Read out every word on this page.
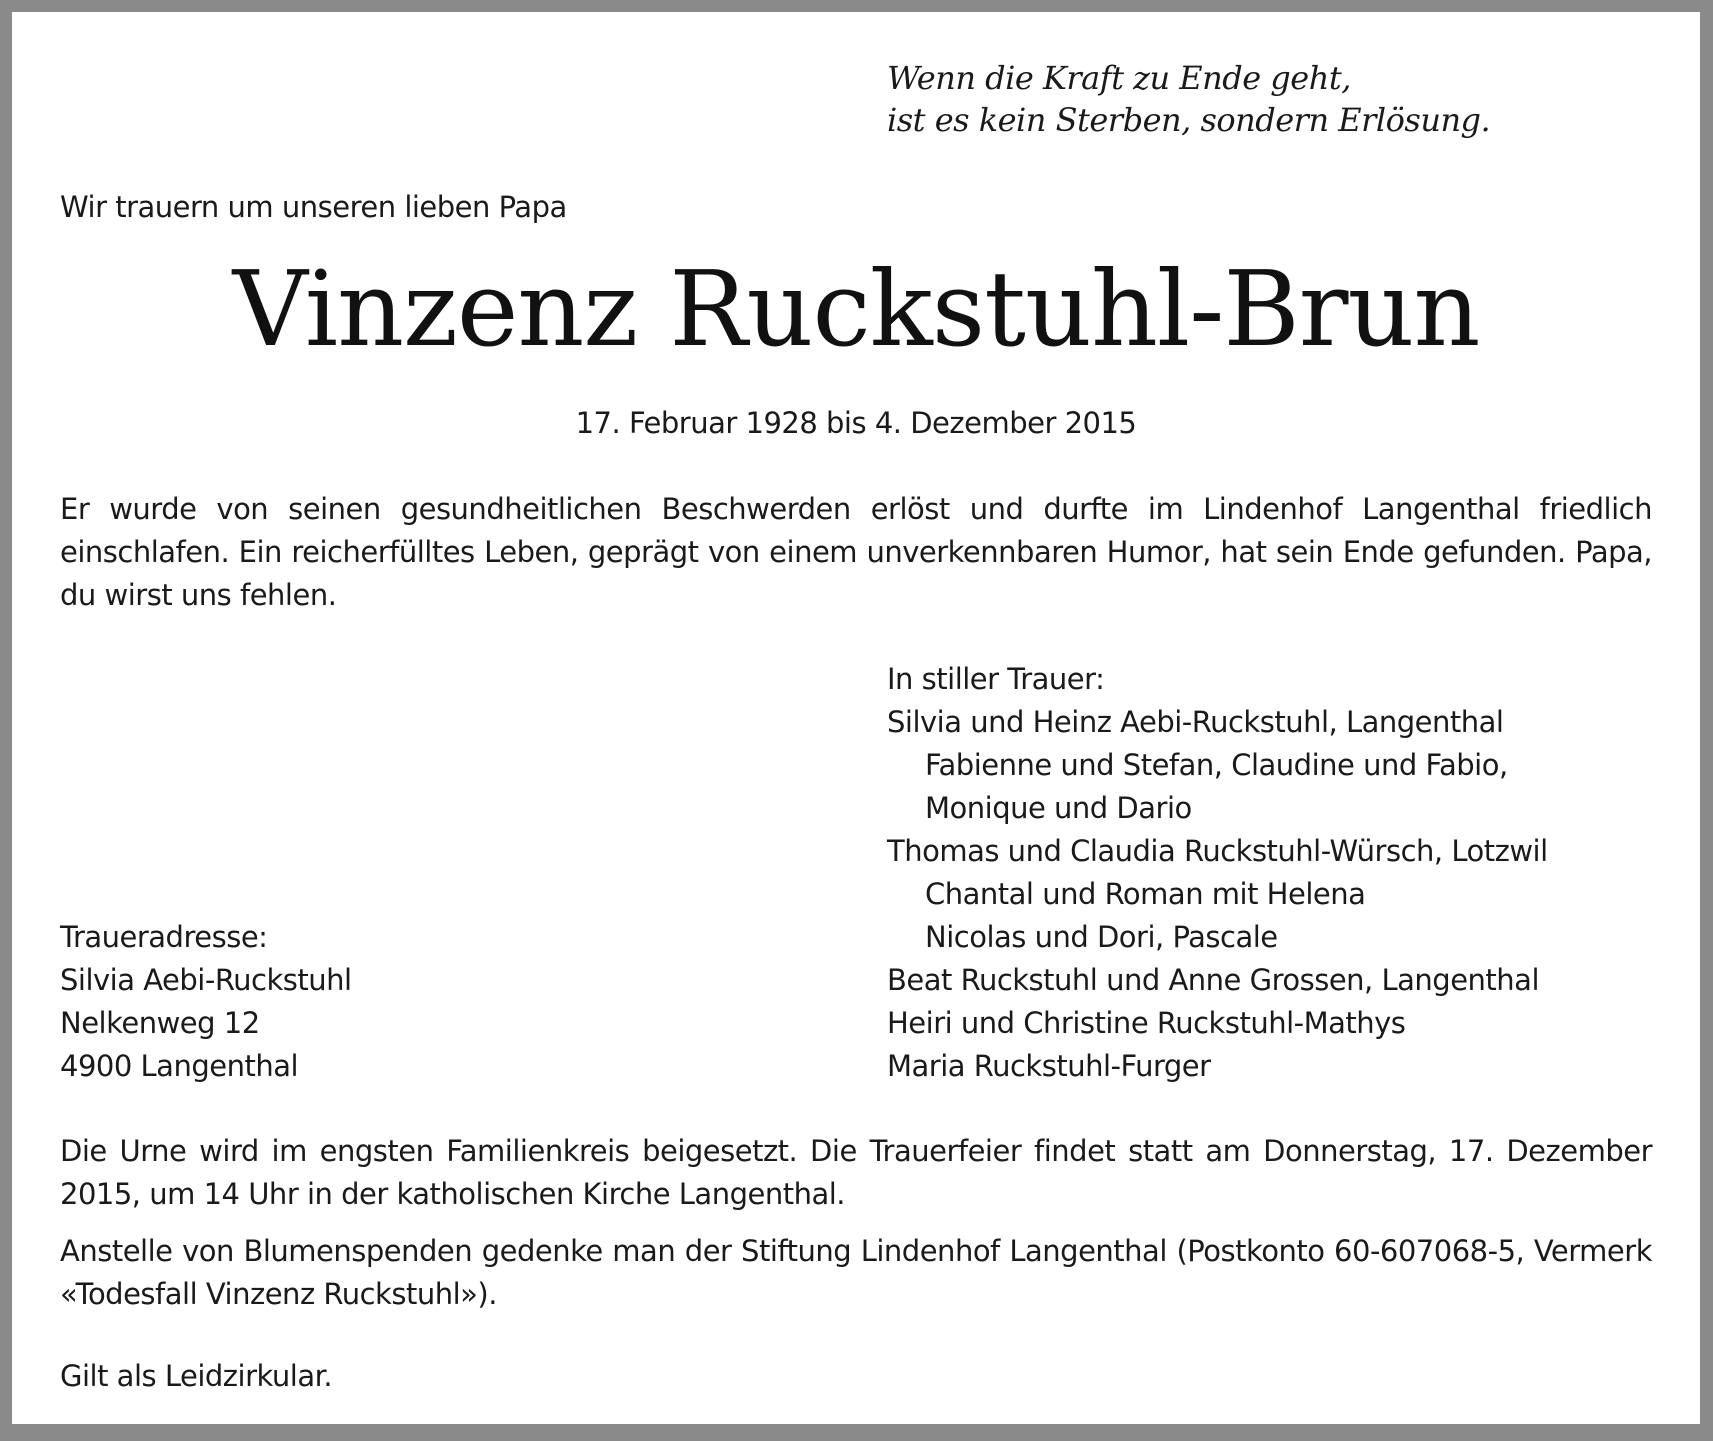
Wenn die Kraft zu Ende geht,
ist es kein Sterben, sondern Erlösung.
Wir trauern um unseren lieben Papa
Vinzenz Ruckstuhl-Brun
17. Februar 1928 bis 4. Dezember 2015
Er wurde von seinen gesundheitlichen Beschwerden erlöst und durfte im Lindenhof Langenthal friedlich einschlafen. Ein reicherfülltes Leben, geprägt von einem unverkennbaren Humor, hat sein Ende gefunden. Papa, du wirst uns fehlen.
In stiller Trauer:
Silvia und Heinz Aebi-Ruckstuhl, Langenthal
Fabienne und Stefan, Claudine und Fabio,
Monique und Dario
Thomas und Claudia Ruckstuhl-Würsch, Lotzwil
Chantal und Roman mit Helena
Nicolas und Dori, Pascale
Beat Ruckstuhl und Anne Grossen, Langenthal
Heiri und Christine Ruckstuhl-Mathys
Maria Ruckstuhl-Furger
Traueradresse:
Silvia Aebi-Ruckstuhl
Nelkenweg 12
4900 Langenthal
Die Urne wird im engsten Familienkreis beigesetzt. Die Trauerfeier findet statt am Donnerstag, 17. Dezember 2015, um 14 Uhr in der katholischen Kirche Langenthal.
Anstelle von Blumenspenden gedenke man der Stiftung Lindenhof Langenthal (Postkonto 60-607068-5, Vermerk «Todesfall Vinzenz Ruckstuhl»).
Gilt als Leidzirkular.
